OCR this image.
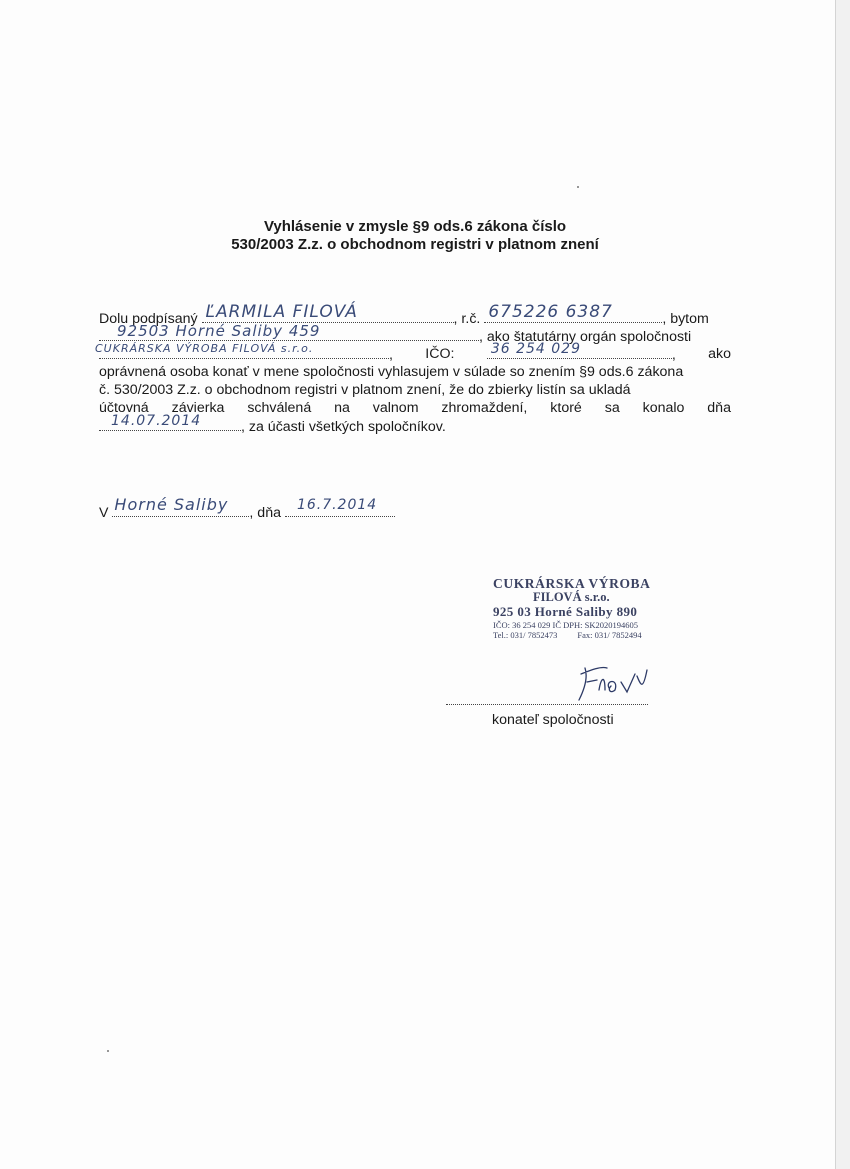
Vyhlásenie v zmysle §9 ods.6 zákona číslo
530/2003 Z.z. o obchodnom registri v platnom znení
Dolu podpísaný ĽARMILA FILOVÁ	, r.č. 675226 6387	, bytom
92503 Horné Saliby 459	, ako štatutárny orgán spoločnosti
CUKRÁRSKA VÝROBA FILOVÁ s.r.o.	, IČO:	36 254 029	, ako
oprávnená osoba konať v mene spoločnosti vyhlasujem v súlade so znením §9 ods.6 zákona
č. 530/2003 Z.z. o obchodnom registri v platnom znení, že do zbierky listín sa ukladá
účtovná závierka schválená na valnom zhromaždení, ktoré sa konalo dňa
14.07.2014	, za účasti všetkých spoločníkov.
V Horné Saliby , dňa 16.7.2014
CUKRÁRSKA VÝROBA
FILOVÁ s.r.o.
925 03 Horné Saliby 890
IČO: 36 254 029 IČ DPH: SK2020194605
Tel.: 031/ 7852473 Fax: 031/ 7852494
konateľ spoločnosti
